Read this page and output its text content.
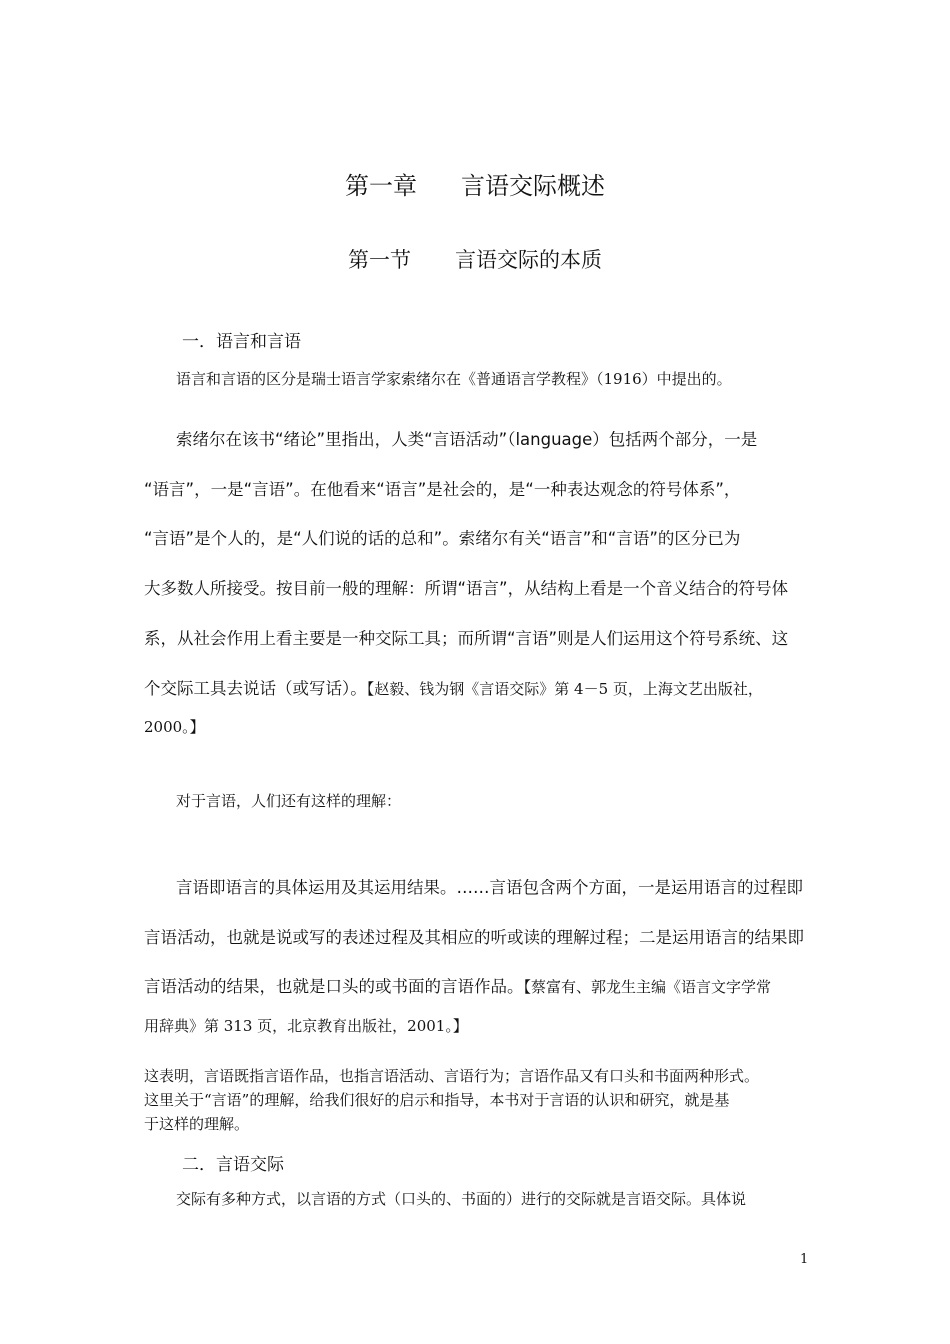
第一章 言语交际概述
第一节 言语交际的本质
一．语言和言语
语言和言语的区分是瑞士语言学家索绪尔在《普通语言学教程》（1916）中提出的。
索绪尔在该书“绪论”里指出，人类“言语活动”（language）包括两个部分，一是
“语言”，一是“言语”。在他看来“语言”是社会的，是“一种表达观念的符号体系”，
“言语”是个人的，是“人们说的话的总和”。索绪尔有关“语言”和“言语”的区分已为
大多数人所接受。按目前一般的理解：所谓“语言”，从结构上看是一个音义结合的符号体
系，从社会作用上看主要是一种交际工具；而所谓“言语”则是人们运用这个符号系统、这
个交际工具去说话（或写话）。【赵毅、钱为钢《言语交际》第 4－5 页，上海文艺出版社，
2000。】
对于言语，人们还有这样的理解：
言语即语言的具体运用及其运用结果。……言语包含两个方面，一是运用语言的过程即
言语活动，也就是说或写的表述过程及其相应的听或读的理解过程；二是运用语言的结果即
言语活动的结果，也就是口头的或书面的言语作品。【蔡富有、郭龙生主编《语言文字学常
用辞典》第 313 页，北京教育出版社，2001。】
这表明，言语既指言语作品，也指言语活动、言语行为；言语作品又有口头和书面两种形式。
这里关于“言语”的理解，给我们很好的启示和指导，本书对于言语的认识和研究，就是基
于这样的理解。
二．言语交际
交际有多种方式，以言语的方式（口头的、书面的）进行的交际就是言语交际。具体说
1
